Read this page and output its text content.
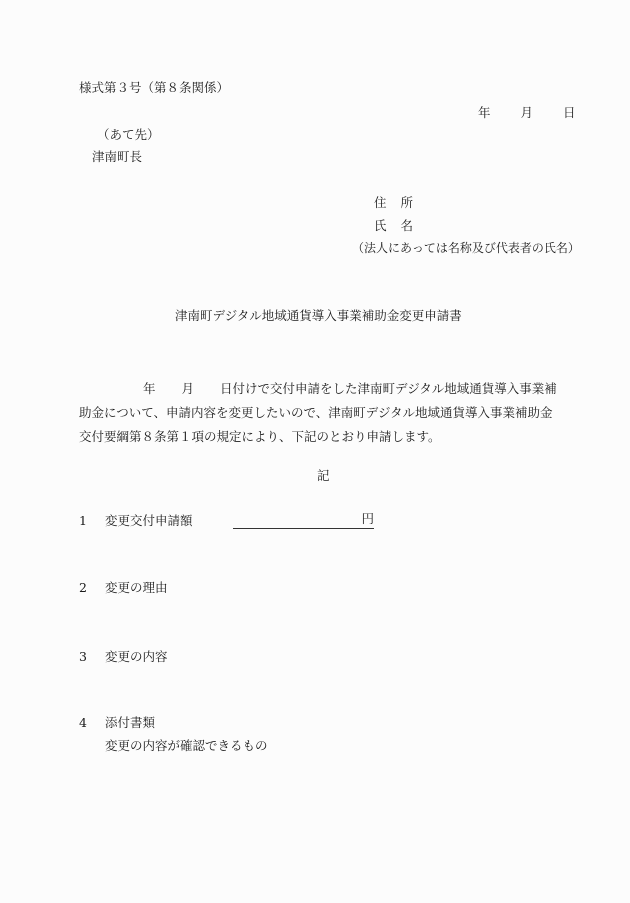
様式第３号（第８条関係）
年 月 日
（あて先）
津南町長
住 所
氏 名
（法人にあっては名称及び代表者の氏名）
津南町デジタル地域通貨導入事業補助金変更申請書
年 月 日付けで交付申請をした津南町デジタル地域通貨導入事業補
助金について、申請内容を変更したいので、津南町デジタル地域通貨導入事業補助金
交付要綱第８条第１項の規定により、下記のとおり申請します。
記
1 変更交付申請額	円
2 変更の理由
3 変更の内容
4 添付書類
変更の内容が確認できるもの
